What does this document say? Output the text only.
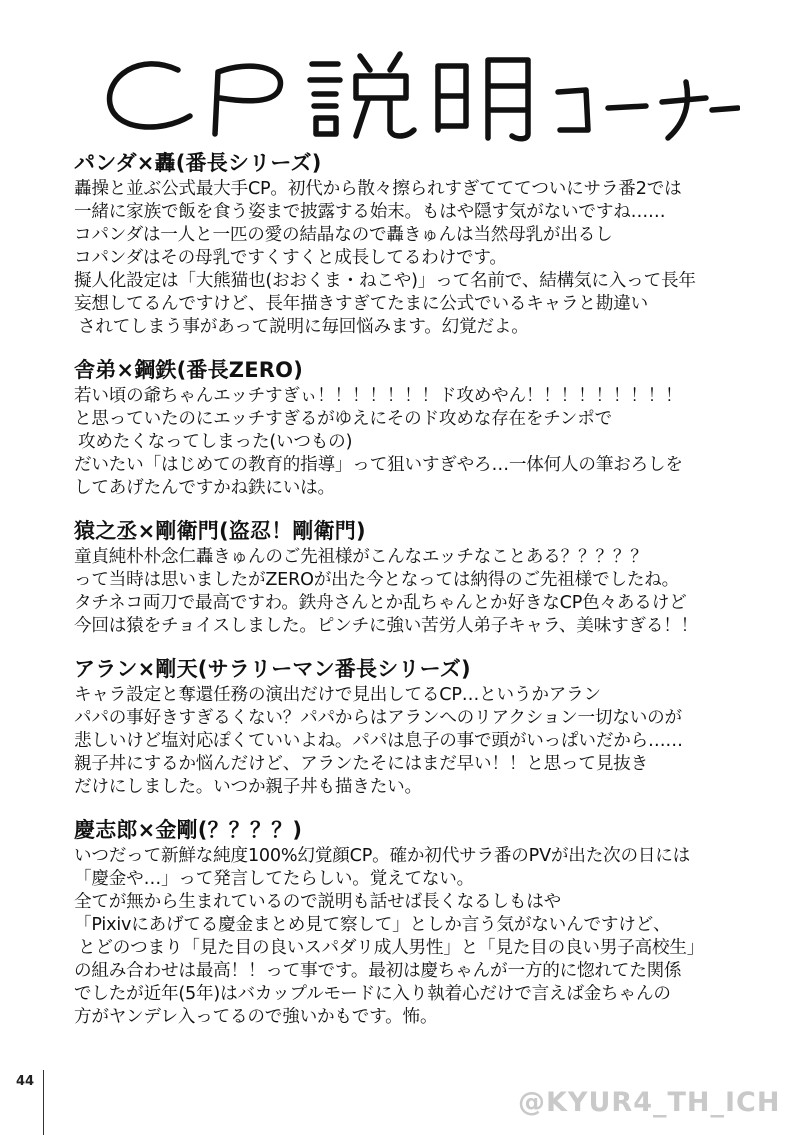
パンダ×轟(番長シリーズ)
轟操と並ぶ公式最大手CP。初代から散々擦られすぎてててついにサラ番2では
一緒に家族で飯を食う姿まで披露する始末。もはや隠す気がないですね……
コパンダは一人と一匹の愛の結晶なので轟きゅんは当然母乳が出るし
コパンダはその母乳ですくすくと成長してるわけです。
擬人化設定は「大熊猫也(おおくま・ねこや)」って名前で、結構気に入って長年
妄想してるんですけど、長年描きすぎてたまに公式でいるキャラと勘違い
されてしまう事があって説明に毎回悩みます。幻覚だよ。
舎弟×鋼鉄(番長ZERO)
若い頃の爺ちゃんエッチすぎぃ！！！！！！！ド攻めやん！！！！！！！！！
と思っていたのにエッチすぎるがゆえにそのド攻めな存在をチンポで
攻めたくなってしまった(いつもの)
だいたい「はじめての教育的指導」って狙いすぎやろ…一体何人の筆おろしを
してあげたんですかね鉄にいは。
猿之丞×剛衛門(盗忍！剛衛門)
童貞純朴朴念仁轟きゅんのご先祖様がこんなエッチなことある？？？？？
って当時は思いましたがZEROが出た今となっては納得のご先祖様でしたね。
タチネコ両刀で最高ですわ。鉄舟さんとか乱ちゃんとか好きなCP色々あるけど
今回は猿をチョイスしました。ピンチに強い苦労人弟子キャラ、美味すぎる！！
アラン×剛天(サラリーマン番長シリーズ)
キャラ設定と奪還任務の演出だけで見出してるCP…というかアラン
パパの事好きすぎるくない？パパからはアランへのリアクション一切ないのが
悲しいけど塩対応ぽくていいよね。パパは息子の事で頭がいっぱいだから……
親子丼にするか悩んだけど、アランたそにはまだ早い！！と思って見抜き
だけにしました。いつか親子丼も描きたい。
慶志郎×金剛(？？？？)
いつだって新鮮な純度100%幻覚顔CP。確か初代サラ番のPVが出た次の日には
「慶金や…」って発言してたらしい。覚えてない。
全てが無から生まれているので説明も話せば長くなるしもはや
「Pixivにあげてる慶金まとめ見て察して」としか言う気がないんですけど、
とどのつまり「見た目の良いスパダリ成人男性」と「見た目の良い男子高校生」
の組み合わせは最高！！って事です。最初は慶ちゃんが一方的に惚れてた関係
でしたが近年(5年)はバカップルモードに入り執着心だけで言えば金ちゃんの
方がヤンデレ入ってるので強いかもです。怖。
44
@KYUR4_TH_ICH
